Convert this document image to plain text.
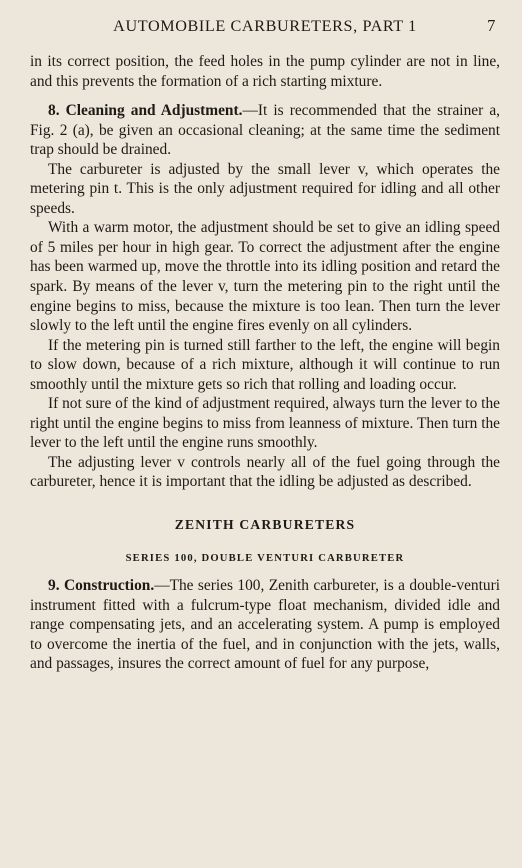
AUTOMOBILE CARBURETERS, PART 1	7

in its correct position, the feed holes in the pump cylinder are not in line, and this prevents the formation of a rich starting mixture.

8. Cleaning and Adjustment.—It is recommended that the strainer a, Fig. 2 (a), be given an occasional cleaning; at the same time the sediment trap should be drained.

The carbureter is adjusted by the small lever v, which operates the metering pin t. This is the only adjustment required for idling and all other speeds.

With a warm motor, the adjustment should be set to give an idling speed of 5 miles per hour in high gear. To correct the adjustment after the engine has been warmed up, move the throttle into its idling position and retard the spark. By means of the lever v, turn the metering pin to the right until the engine begins to miss, because the mixture is too lean. Then turn the lever slowly to the left until the engine fires evenly on all cylinders.

If the metering pin is turned still farther to the left, the engine will begin to slow down, because of a rich mixture, although it will continue to run smoothly until the mixture gets so rich that rolling and loading occur.

If not sure of the kind of adjustment required, always turn the lever to the right until the engine begins to miss from leanness of mixture. Then turn the lever to the left until the engine runs smoothly.

The adjusting lever v controls nearly all of the fuel going through the carbureter, hence it is important that the idling be adjusted as described.

ZENITH CARBURETERS
SERIES 100, DOUBLE VENTURI CARBURETER

9. Construction.—The series 100, Zenith carbureter, is a double-venturi instrument fitted with a fulcrum-type float mechanism, divided idle and range compensating jets, and an accelerating system. A pump is employed to overcome the inertia of the fuel, and in conjunction with the jets, walls, and passages, insures the correct amount of fuel for any purpose,
